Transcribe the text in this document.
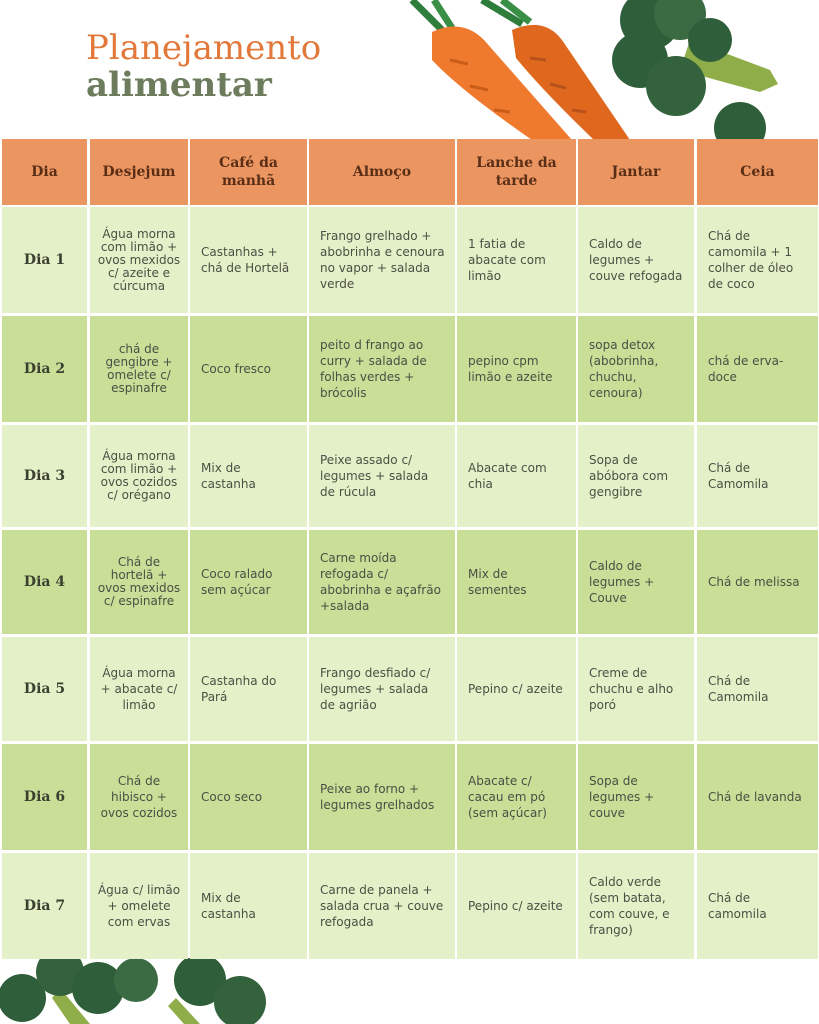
Planejamento
alimentar
Dia	Desjejum
Café da manhã
Almoço
Lanche da tarde
Jantar	Ceia
Dia 1
Água morna com limão + ovos mexidos c/ azeite e cúrcuma
Castanhas + chá de Hortelã
Frango grelhado + abobrinha e cenoura no vapor + salada verde
1 fatia de abacate com limão
Caldo de legumes + couve refogada
Chá de camomila + 1 colher de óleo de coco
Dia 2
chá de gengibre + omelete c/ espinafre
Coco fresco
peito d frango ao curry + salada de folhas verdes + brócolis
pepino cpm limão e azeite
sopa detox (abobrinha, chuchu, cenoura)
chá de erva-doce
Dia 3
Água morna com limão + ovos cozidos c/ orégano
Mix de castanha
Peixe assado c/ legumes + salada de rúcula
Abacate com chia
Sopa de abóbora com gengibre
Chá de Camomila
Dia 4
Chá de hortelã + ovos mexidos c/ espinafre
Coco ralado sem açúcar
Carne moída refogada c/ abobrinha e açafrão +salada
Mix de sementes
Caldo de legumes + Couve
Chá de melissa
Dia 5
Água morna + abacate c/ limão
Castanha do Pará
Frango desfiado c/ legumes + salada de agrião
Pepino c/ azeite
Creme de chuchu e alho poró
Chá de Camomila
Dia 6
Chá de hibisco + ovos cozidos
Coco seco
Peixe ao forno + legumes grelhados
Abacate c/ cacau em pó (sem açúcar)
Sopa de legumes + couve
Chá de lavanda
Dia 7
Água c/ limão + omelete com ervas
Mix de castanha
Carne de panela + salada crua + couve refogada
Pepino c/ azeite
Caldo verde (sem batata, com couve, e frango)
Chá de camomila
